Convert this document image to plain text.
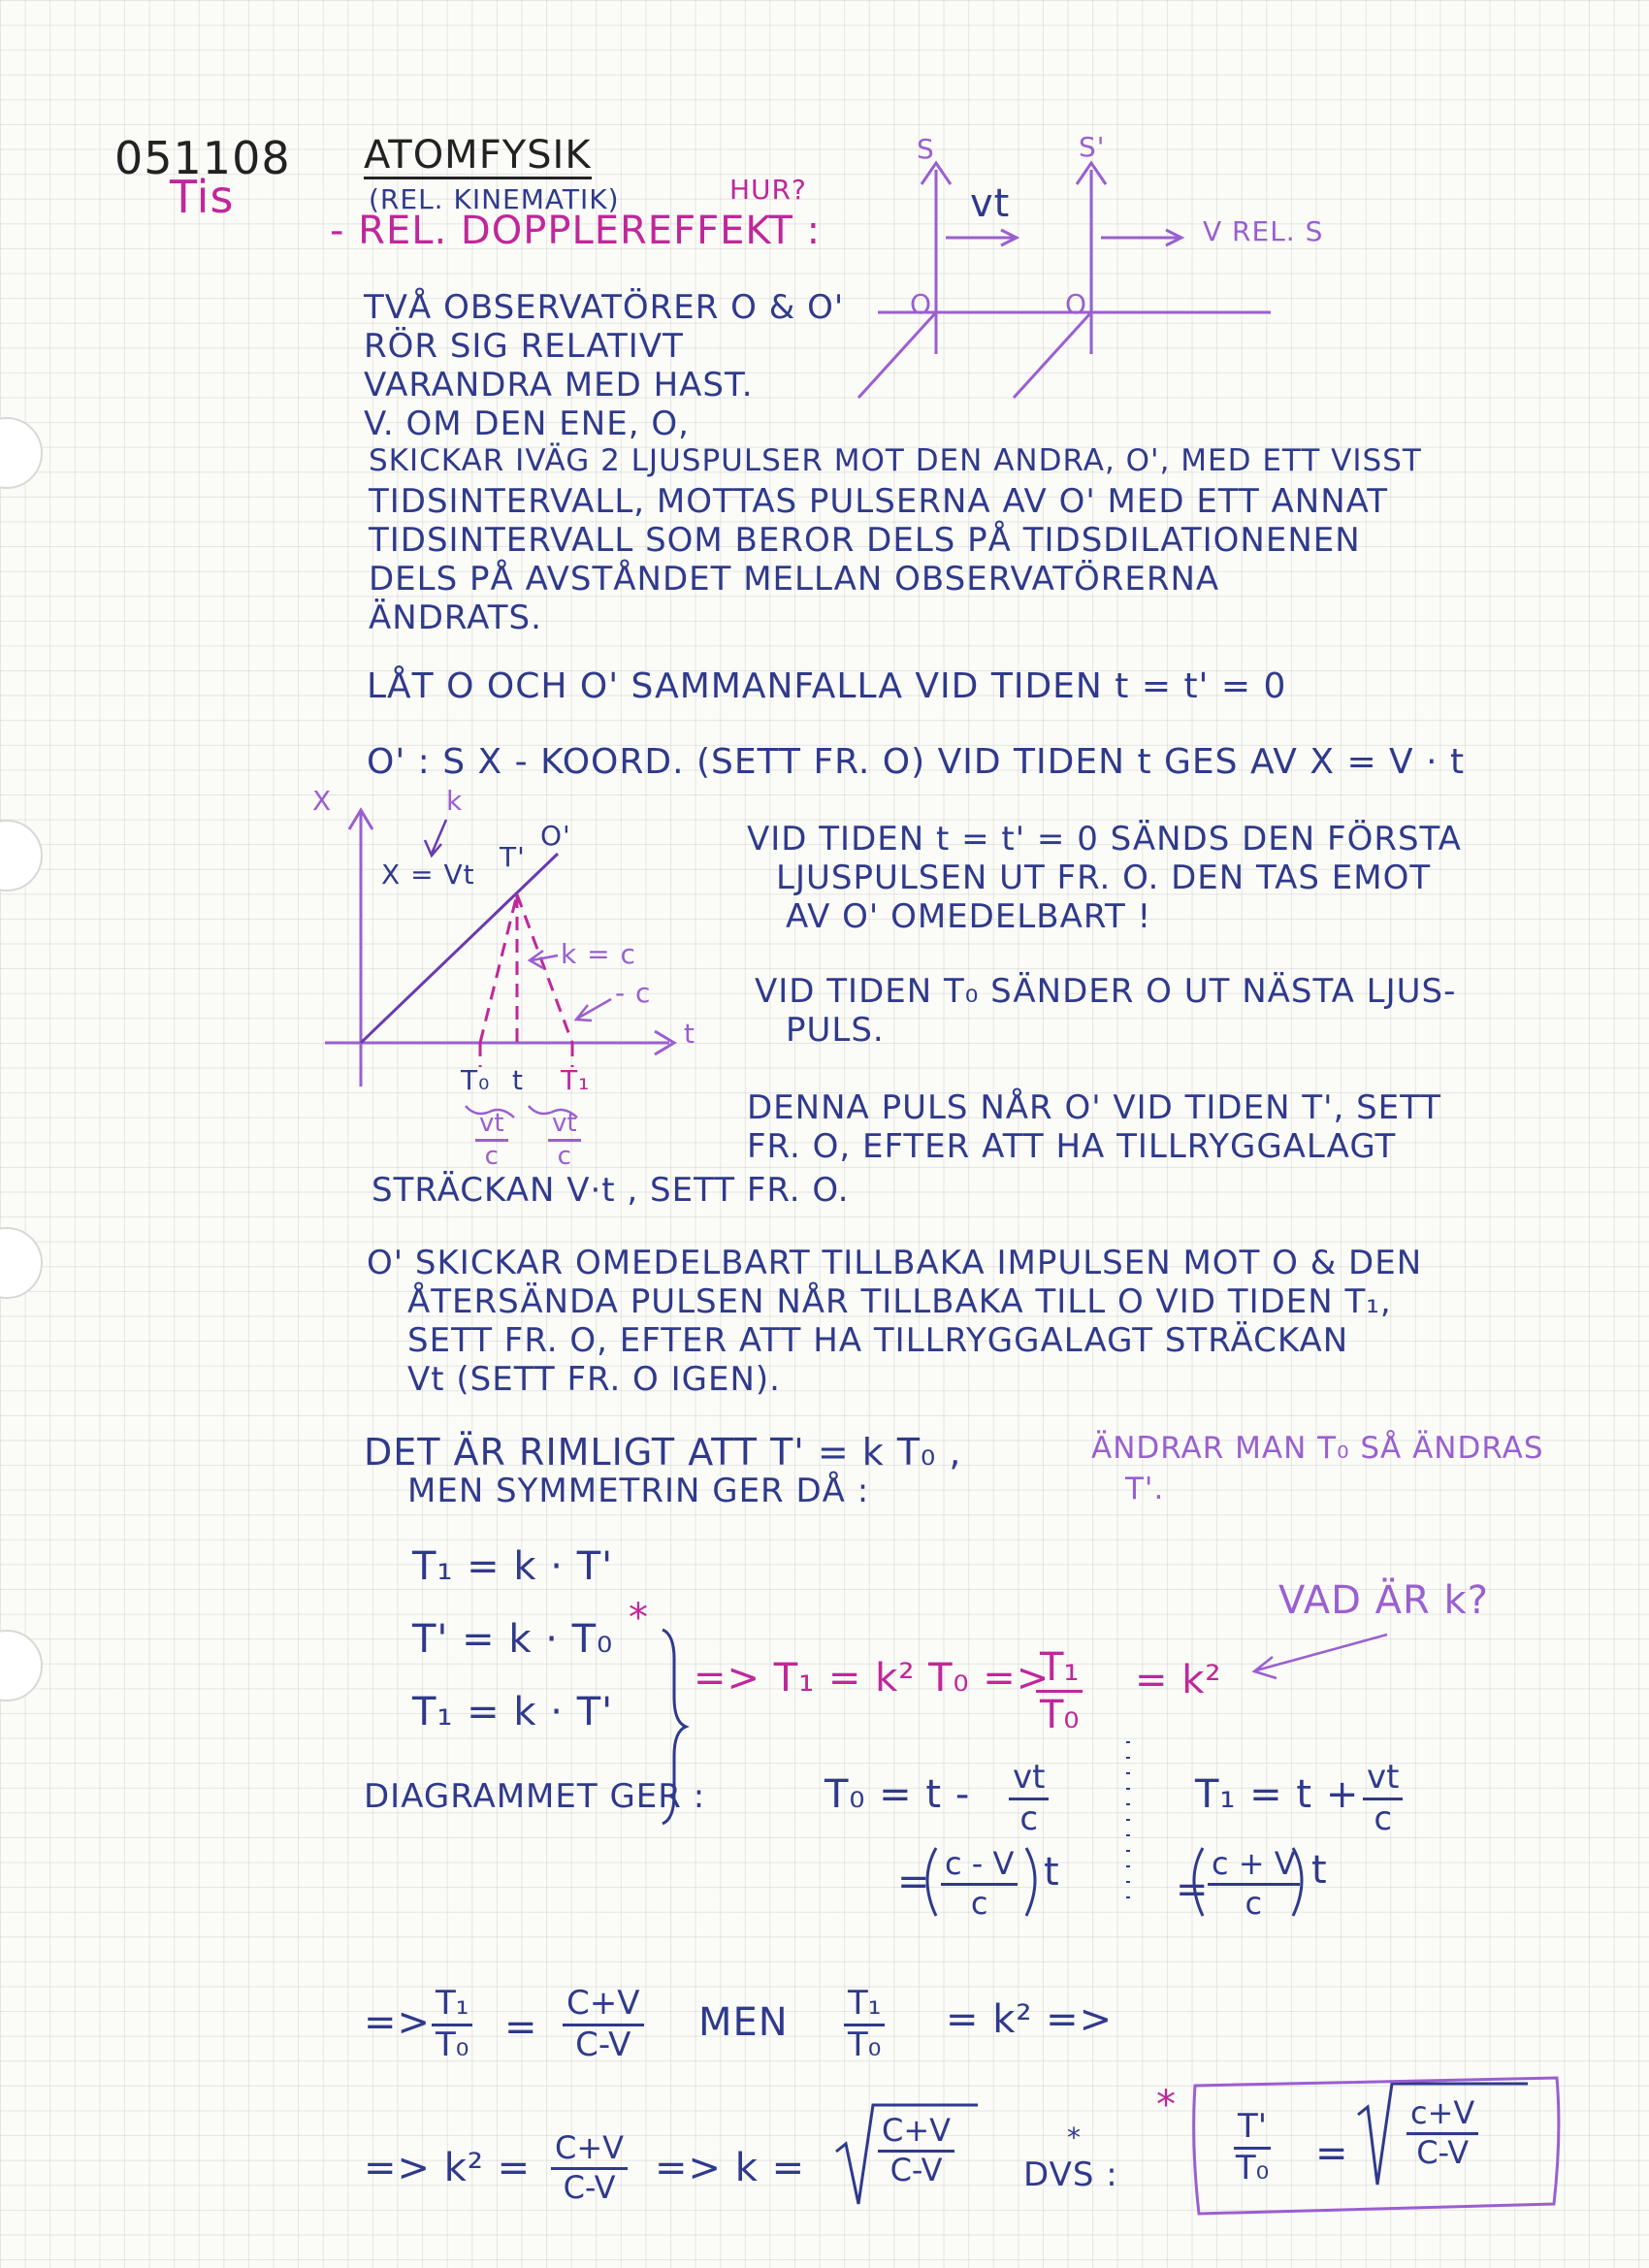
051108
Tis
ATOMFYSIK
(REL. KINEMATIK)	HUR?
- REL. DOPPLEREFFEKT :
S	S'
vt
O	O'
V REL. S
TVÅ OBSERVATÖRER O & O'
RÖR SIG RELATIVT
VARANDRA MED HAST.
V. OM DEN ENE, O,
SKICKAR IVÄG 2 LJUSPULSER MOT DEN ANDRA, O', MED ETT VISST
TIDSINTERVALL, MOTTAS PULSERNA AV O' MED ETT ANNAT
TIDSINTERVALL SOM BEROR DELS PÅ TIDSDILATIONENEN
DELS PÅ AVSTÅNDET MELLAN OBSERVATÖRERNA
ÄNDRATS.
LÅT O OCH O' SAMMANFALLA VID TIDEN t = t' = 0
O' : S X - KOORD. (SETT FR. O) VID TIDEN t GES AV X = V · t
X
t
k
X = Vt
T'
O'
k = c
- c
T₀ t T₁
$\frac{vt}{c} \frac{vt}{c}$
VID TIDEN t = t' = 0 SÄNDS DEN FÖRSTA
LJUSPULSEN UT FR. O. DEN TAS EMOT
AV O' OMEDELBART !
VID TIDEN T₀ SÄNDER O UT NÄSTA LJUS-
PULS.
DENNA PULS NÅR O' VID TIDEN T', SETT
FR. O, EFTER ATT HA TILLRYGGALAGT
STRÄCKAN V·t , SETT FR. O.
O' SKICKAR OMEDELBART TILLBAKA IMPULSEN MOT O & DEN
ÅTERSÄNDA PULSEN NÅR TILLBAKA TILL O VID TIDEN T₁,
SETT FR. O, EFTER ATT HA TILLRYGGALAGT STRÄCKAN
Vt (SETT FR. O IGEN).
DET ÄR RIMLIGT ATT T' = k T₀ ,	ÄNDRAR MAN T₀ SÅ ÄNDRAS
T'.
MEN SYMMETRIN GER DÅ :
T₁ = k · T'
T' = k · T₀ *
T₁ = k · T'
=> T₁ = k² T₀ =>
$\frac{\text{T₁}}{\text{T₀}} = k^2$
VAD ÄR k?
DIAGRAMMET GER :	$T_0 = t - \frac{vt}{c}$	$T_1 = t + \frac{vt}{c}$
= $\frac{c - V}{c}$ t	=
$\frac{c + V}{c}$ t
=> $\frac{\text{T₁}}{\text{T₀}} = \frac{C+V}{C-V}$ MEN $\frac{\text{T₁}}{\text{T₀}} = k^2$ =>
=> $k^2 = \frac{C+V}{C-V} => k = \frac{C+V}{C-V}$ DVS :
*
*
$\frac{T'}{\text{T₀}} = \frac{c+V}{C-V}$
